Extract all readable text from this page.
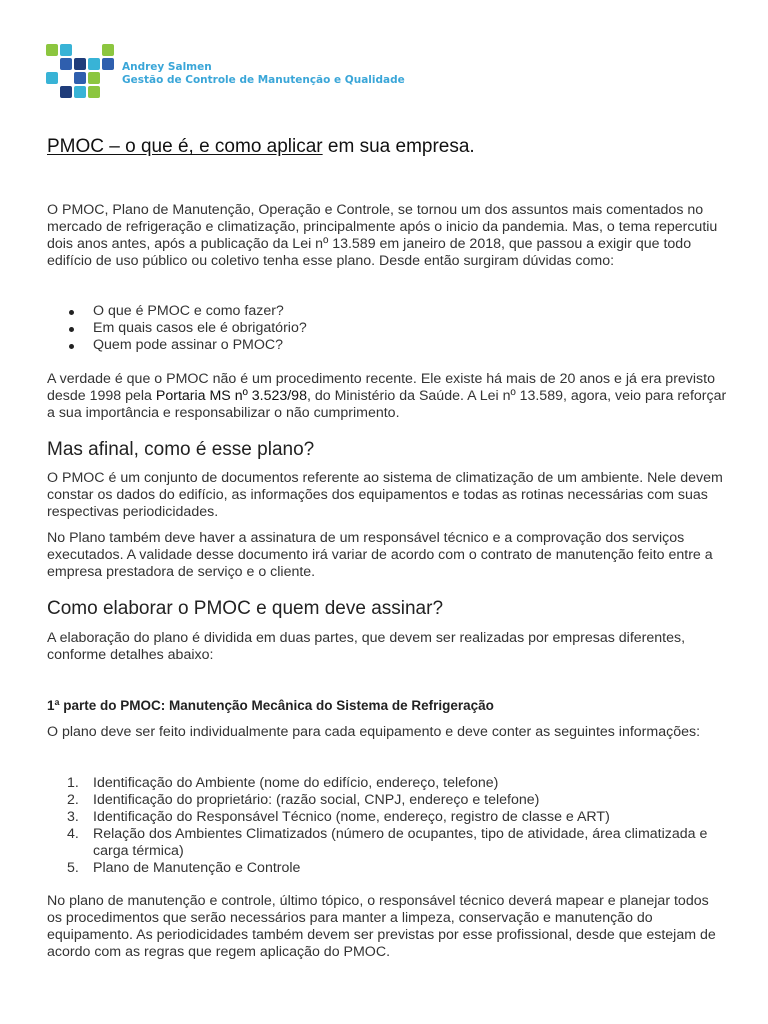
Andrey Salmen
Gestão de Controle de Manutenção e Qualidade
PMOC – o que é, e como aplicar em sua empresa.

O PMOC, Plano de Manutenção, Operação e Controle, se tornou um dos assuntos mais comentados no mercado de refrigeração e climatização, principalmente após o inicio da pandemia. Mas, o tema repercutiu dois anos antes, após a publicação da Lei nº 13.589 em janeiro de 2018, que passou a exigir que todo edifício de uso público ou coletivo tenha esse plano. Desde então surgiram dúvidas como:

O que é PMOC e como fazer?
Em quais casos ele é obrigatório?
Quem pode assinar o PMOC?

A verdade é que o PMOC não é um procedimento recente. Ele existe há mais de 20 anos e já era previsto desde 1998 pela Portaria MS nº 3.523/98, do Ministério da Saúde. A Lei nº 13.589, agora, veio para reforçar a sua importância e responsabilizar o não cumprimento.

Mas afinal, como é esse plano?

O PMOC é um conjunto de documentos referente ao sistema de climatização de um ambiente. Nele devem constar os dados do edifício, as informações dos equipamentos e todas as rotinas necessárias com suas respectivas periodicidades.

No Plano também deve haver a assinatura de um responsável técnico e a comprovação dos serviços executados. A validade desse documento irá variar de acordo com o contrato de manutenção feito entre a empresa prestadora de serviço e o cliente.

Como elaborar o PMOC e quem deve assinar?

A elaboração do plano é dividida em duas partes, que devem ser realizadas por empresas diferentes, conforme detalhes abaixo:

1ª parte do PMOC: Manutenção Mecânica do Sistema de Refrigeração

O plano deve ser feito individualmente para cada equipamento e deve conter as seguintes informações:

1. Identificação do Ambiente (nome do edifício, endereço, telefone)
2. Identificação do proprietário: (razão social, CNPJ, endereço e telefone)
3. Identificação do Responsável Técnico (nome, endereço, registro de classe e ART)
4. Relação dos Ambientes Climatizados (número de ocupantes, tipo de atividade, área climatizada e carga térmica)
5. Plano de Manutenção e Controle

No plano de manutenção e controle, último tópico, o responsável técnico deverá mapear e planejar todos os procedimentos que serão necessários para manter a limpeza, conservação e manutenção do equipamento. As periodicidades também devem ser previstas por esse profissional, desde que estejam de acordo com as regras que regem aplicação do PMOC.
